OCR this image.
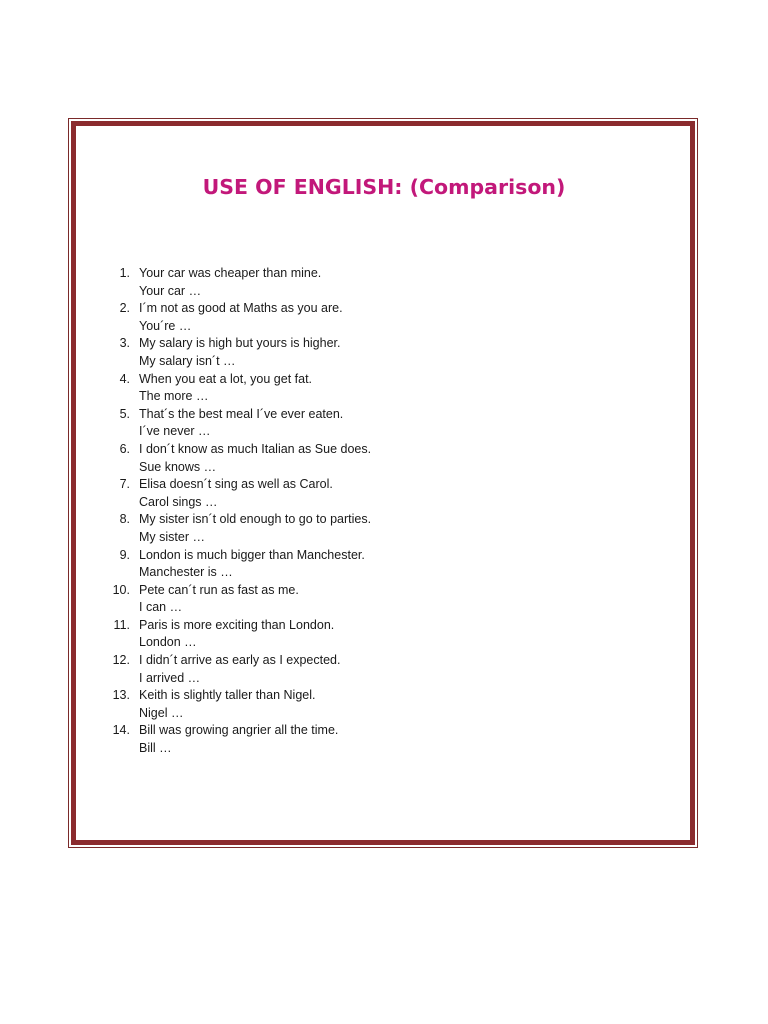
USE OF ENGLISH: (Comparison)
1. Your car was cheaper than mine.
Your car …
2. I´m not as good at Maths as you are.
You´re …
3. My salary is high but yours is higher.
My salary isn´t …
4. When you eat a lot, you get fat.
The more …
5. That´s the best meal I´ve ever eaten.
I´ve never …
6. I don´t know as much Italian as Sue does.
Sue knows …
7. Elisa doesn´t sing as well as Carol.
Carol sings …
8. My sister isn´t old enough to go to parties.
My sister …
9. London is much bigger than Manchester.
Manchester is …
10. Pete can´t run as fast as me.
I can …
11. Paris is more exciting than London.
London …
12. I didn´t arrive as early as I expected.
I arrived …
13. Keith is slightly taller than Nigel.
Nigel …
14. Bill was growing angrier all the time.
Bill …
